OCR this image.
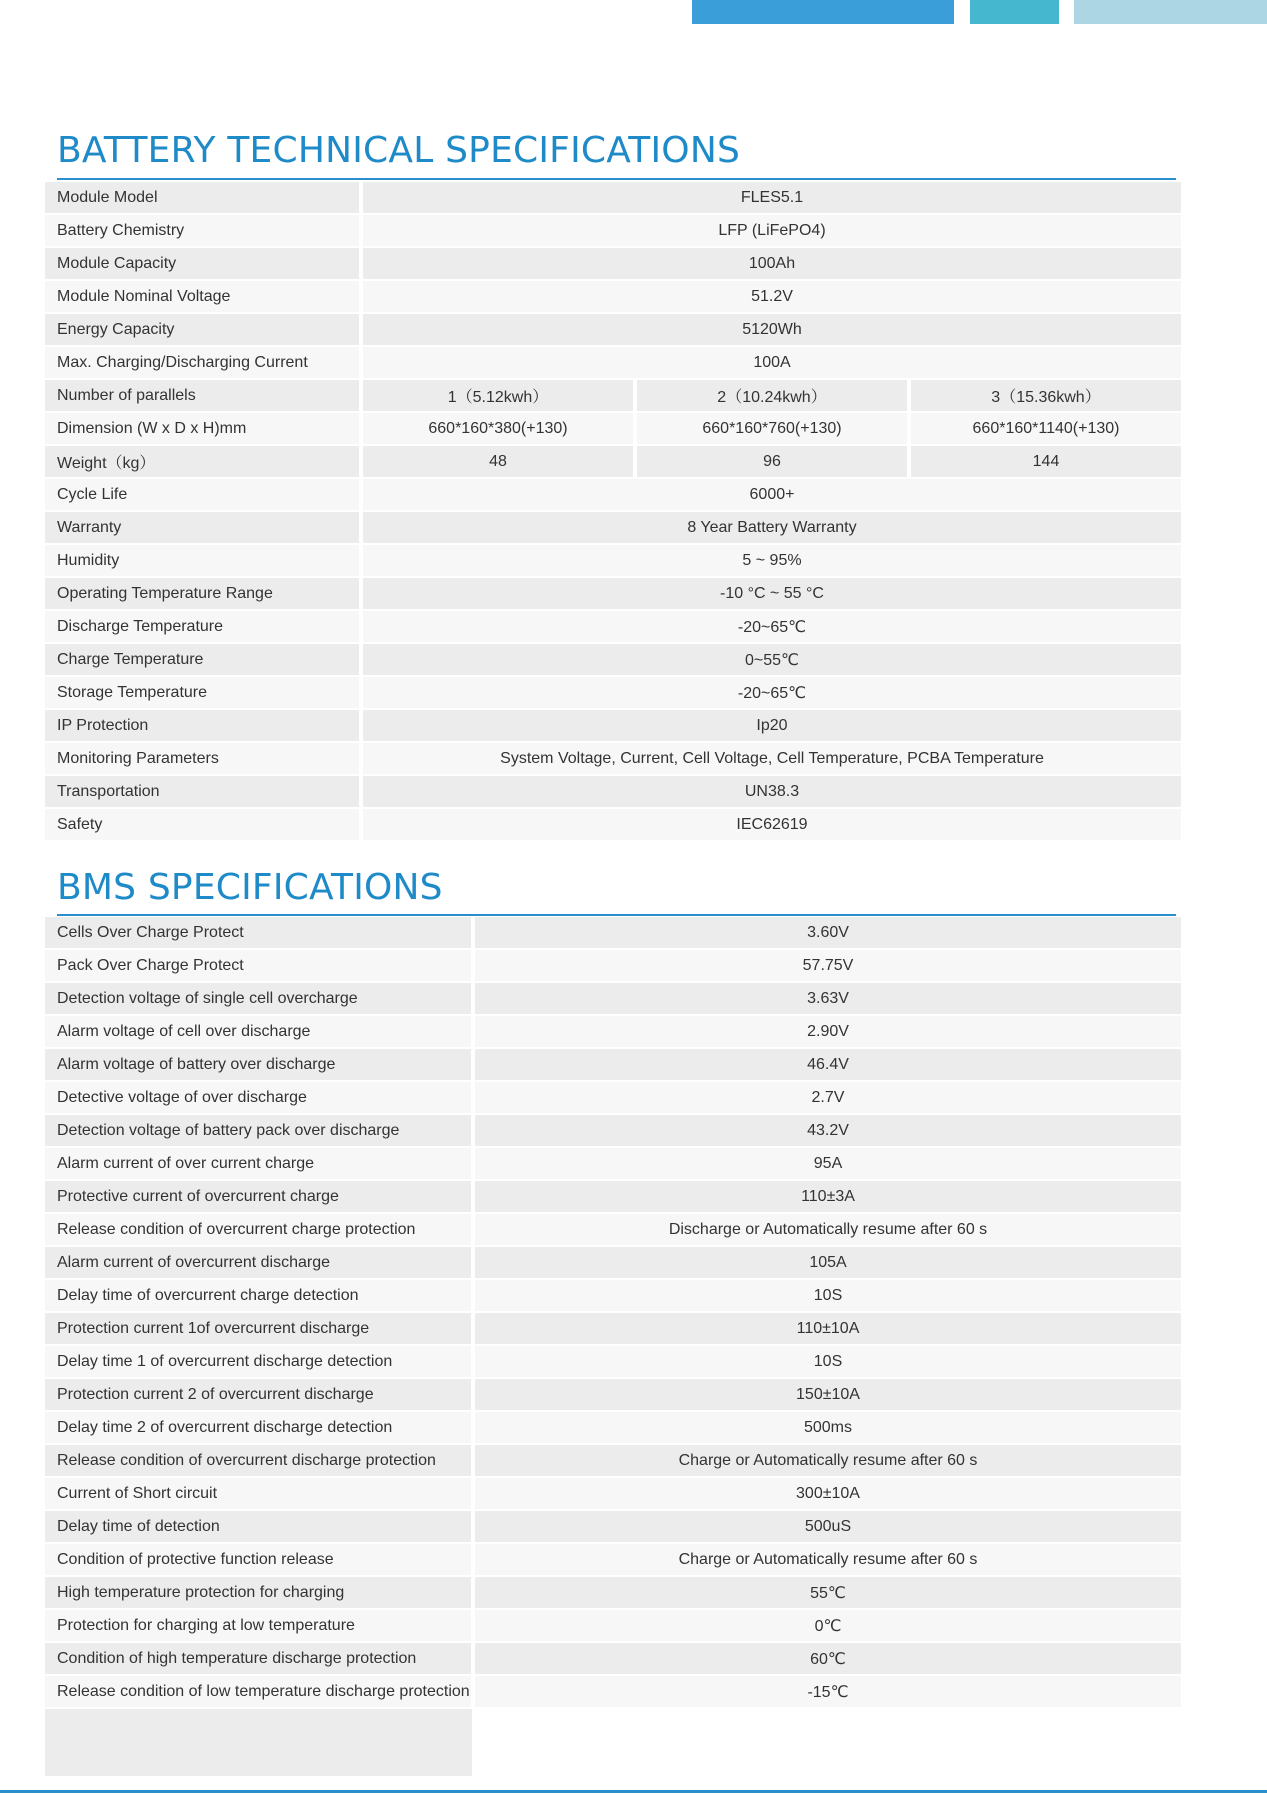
BATTERY TECHNICAL SPECIFICATIONS
Module Model	FLES5.1
Battery Chemistry	LFP (LiFePO4)
Module Capacity	100Ah
Module Nominal Voltage	51.2V
Energy Capacity	5120Wh
Max. Charging/Discharging Current	100A
Number of parallels	1（5.12kwh）	2（10.24kwh）	3（15.36kwh）
Dimension (W x D x H)mm	660*160*380(+130)	660*160*760(+130)	660*160*1140(+130)
Weight（kg）	48	96	144
Cycle Life	6000+
Warranty	8 Year Battery Warranty
Humidity	5 ~ 95%
Operating Temperature Range	-10 °C ~ 55 °C
Discharge Temperature	-20~65℃
Charge Temperature	0~55℃
Storage Temperature	-20~65℃
IP Protection	Ip20
Monitoring Parameters	System Voltage, Current, Cell Voltage, Cell Temperature, PCBA Temperature
Transportation	UN38.3
Safety	IEC62619
BMS SPECIFICATIONS
Cells Over Charge Protect	3.60V
Pack Over Charge Protect	57.75V
Detection voltage of single cell overcharge	3.63V
Alarm voltage of cell over discharge	2.90V
Alarm voltage of battery over discharge	46.4V
Detective voltage of over discharge	2.7V
Detection voltage of battery pack over discharge	43.2V
Alarm current of over current charge	95A
Protective current of overcurrent charge	110±3A
Release condition of overcurrent charge protection	Discharge or Automatically resume after 60 s
Alarm current of overcurrent discharge	105A
Delay time of overcurrent charge detection	10S
Protection current 1of overcurrent discharge	110±10A
Delay time 1 of overcurrent discharge detection	10S
Protection current 2 of overcurrent discharge	150±10A
Delay time 2 of overcurrent discharge detection	500ms
Release condition of overcurrent discharge protection	Charge or Automatically resume after 60 s
Current of Short circuit	300±10A
Delay time of detection	500uS
Condition of protective function release	Charge or Automatically resume after 60 s
High temperature protection for charging	55℃
Protection for charging at low temperature	0℃
Condition of high temperature discharge protection	60℃
Release condition of low temperature discharge protection	-15℃
